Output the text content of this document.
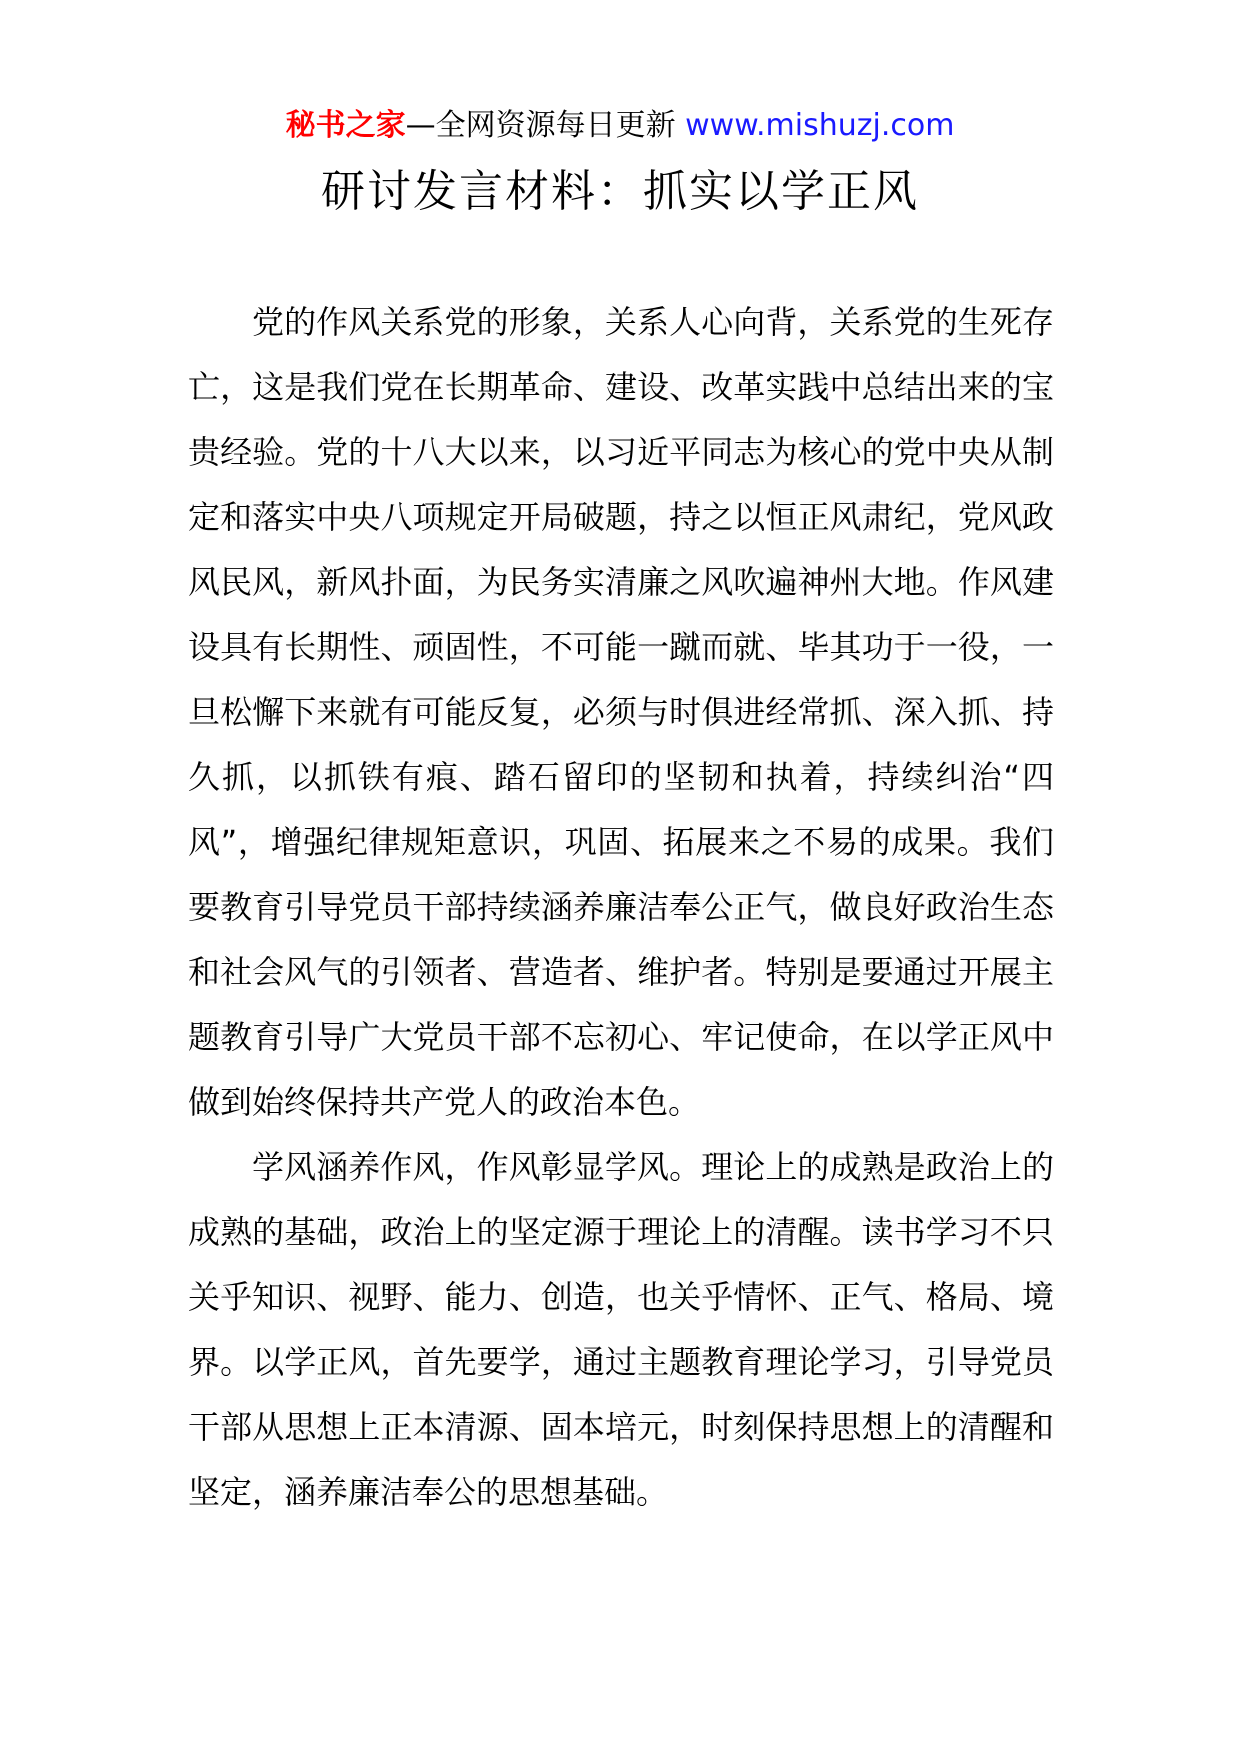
秘书之家—全网资源每日更新 www.mishuzj.com
研讨发言材料：抓实以学正风

党的作风关系党的形象，关系人心向背，关系党的生死存亡，这是我们党在长期革命、建设、改革实践中总结出来的宝贵经验。党的十八大以来，以习近平同志为核心的党中央从制定和落实中央八项规定开局破题，持之以恒正风肃纪，党风政风民风，新风扑面，为民务实清廉之风吹遍神州大地。作风建设具有长期性、顽固性，不可能一蹴而就、毕其功于一役，一旦松懈下来就有可能反复，必须与时俱进经常抓、深入抓、持久抓，以抓铁有痕、踏石留印的坚韧和执着，持续纠治“四风”，增强纪律规矩意识，巩固、拓展来之不易的成果。我们要教育引导党员干部持续涵养廉洁奉公正气，做良好政治生态和社会风气的引领者、营造者、维护者。特别是要通过开展主题教育引导广大党员干部不忘初心、牢记使命，在以学正风中做到始终保持共产党人的政治本色。

学风涵养作风，作风彰显学风。理论上的成熟是政治上的成熟的基础，政治上的坚定源于理论上的清醒。读书学习不只关乎知识、视野、能力、创造，也关乎情怀、正气、格局、境界。以学正风，首先要学，通过主题教育理论学习，引导党员干部从思想上正本清源、固本培元，时刻保持思想上的清醒和坚定，涵养廉洁奉公的思想基础。
